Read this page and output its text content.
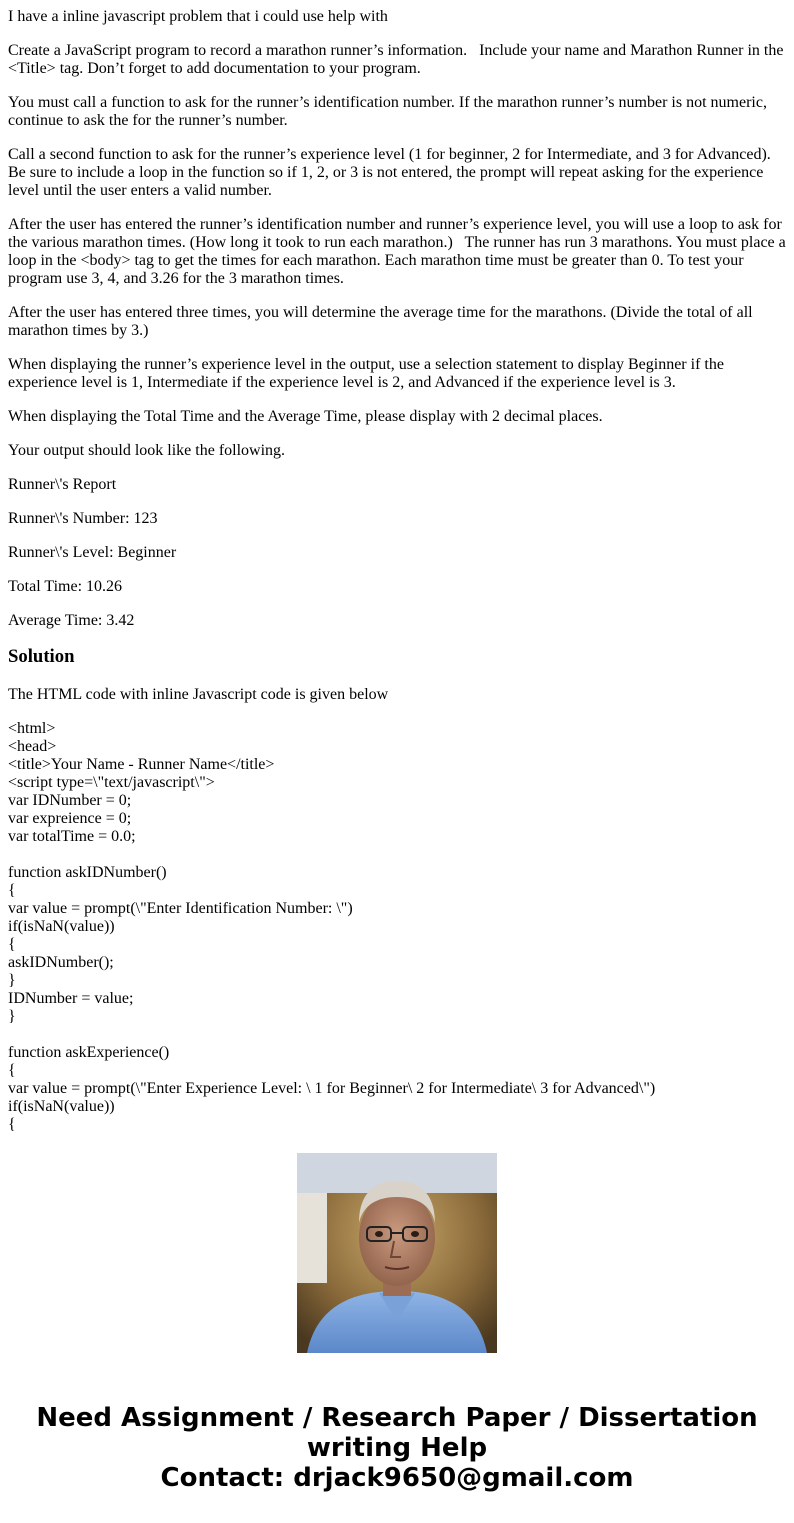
I have a inline javascript problem that i could use help with

Create a JavaScript program to record a marathon runner’s information.   Include your name and Marathon Runner in the <Title> tag. Don’t forget to add documentation to your program.

You must call a function to ask for the runner’s identification number. If the marathon runner’s number is not numeric, continue to ask the for the runner’s number.

Call a second function to ask for the runner’s experience level (1 for beginner, 2 for Intermediate, and 3 for Advanced). Be sure to include a loop in the function so if 1, 2, or 3 is not entered, the prompt will repeat asking for the experience level until the user enters a valid number.

After the user has entered the runner’s identification number and runner’s experience level, you will use a loop to ask for the various marathon times. (How long it took to run each marathon.)   The runner has run 3 marathons. You must place a loop in the <body> tag to get the times for each marathon. Each marathon time must be greater than 0. To test your program use 3, 4, and 3.26 for the 3 marathon times.

After the user has entered three times, you will determine the average time for the marathons. (Divide the total of all marathon times by 3.)

When displaying the runner’s experience level in the output, use a selection statement to display Beginner if the experience level is 1, Intermediate if the experience level is 2, and Advanced if the experience level is 3.

When displaying the Total Time and the Average Time, please display with 2 decimal places.

Your output should look like the following.

Runner\'s Report

Runner\'s Number: 123

Runner\'s Level: Beginner

Total Time: 10.26

Average Time: 3.42

Solution

The HTML code with inline Javascript code is given below

<html>
<head>
<title>Your Name - Runner Name</title>
<script type=\"text/javascript\">
var IDNumber = 0;
var expreience = 0;
var totalTime = 0.0;
function askIDNumber()
{
var value = prompt(\"Enter Identification Number: \")
if(isNaN(value))
{
askIDNumber();
}
IDNumber = value;
}
function askExperience()
{
var value = prompt(\"Enter Experience Level: \ 1 for Beginner\ 2 for Intermediate\ 3 for Advanced\")
if(isNaN(value))
{
Need Assignment / Research Paper / Dissertation
writing Help
Contact: drjack9650@gmail.com
